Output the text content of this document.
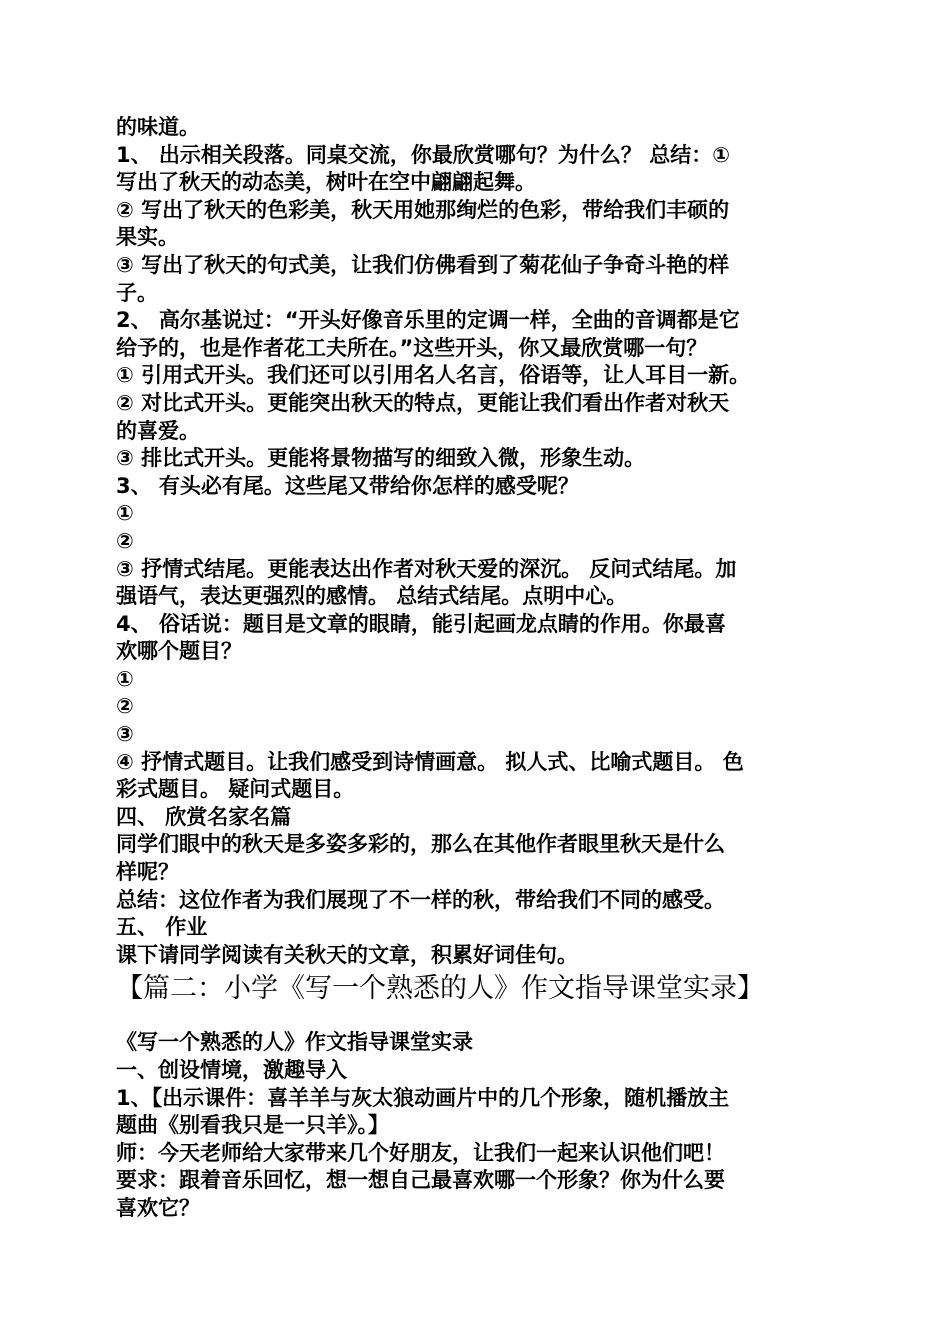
的味道。
1、 出示相关段落。同桌交流，你最欣赏哪句？为什么？ 总结：①
写出了秋天的动态美，树叶在空中翩翩起舞。
② 写出了秋天的色彩美，秋天用她那绚烂的色彩，带给我们丰硕的
果实。
③ 写出了秋天的句式美，让我们仿佛看到了菊花仙子争奇斗艳的样
子。
2、 高尔基说过：“开头好像音乐里的定调一样，全曲的音调都是它
给予的，也是作者花工夫所在。”这些开头，你又最欣赏哪一句？
① 引用式开头。我们还可以引用名人名言，俗语等，让人耳目一新。
② 对比式开头。更能突出秋天的特点，更能让我们看出作者对秋天
的喜爱。
③ 排比式开头。更能将景物描写的细致入微，形象生动。
3、 有头必有尾。这些尾又带给你怎样的感受呢？
①
②
③ 抒情式结尾。更能表达出作者对秋天爱的深沉。 反问式结尾。加
强语气，表达更强烈的感情。 总结式结尾。点明中心。
4、 俗话说：题目是文章的眼睛，能引起画龙点睛的作用。你最喜
欢哪个题目？
①
②
③
④ 抒情式题目。让我们感受到诗情画意。 拟人式、比喻式题目。 色
彩式题目。 疑问式题目。
四、 欣赏名家名篇
同学们眼中的秋天是多姿多彩的，那么在其他作者眼里秋天是什么
样呢？
总结：这位作者为我们展现了不一样的秋，带给我们不同的感受。
五、 作业
课下请同学阅读有关秋天的文章，积累好词佳句。
【篇二：小学《写一个熟悉的人》作文指导课堂实录】
《写一个熟悉的人》作文指导课堂实录
一、创设情境，激趣导入
1、【出示课件：喜羊羊与灰太狼动画片中的几个形象，随机播放主
题曲《别看我只是一只羊》。】
师：今天老师给大家带来几个好朋友，让我们一起来认识他们吧！
要求：跟着音乐回忆，想一想自己最喜欢哪一个形象？你为什么要
喜欢它？
